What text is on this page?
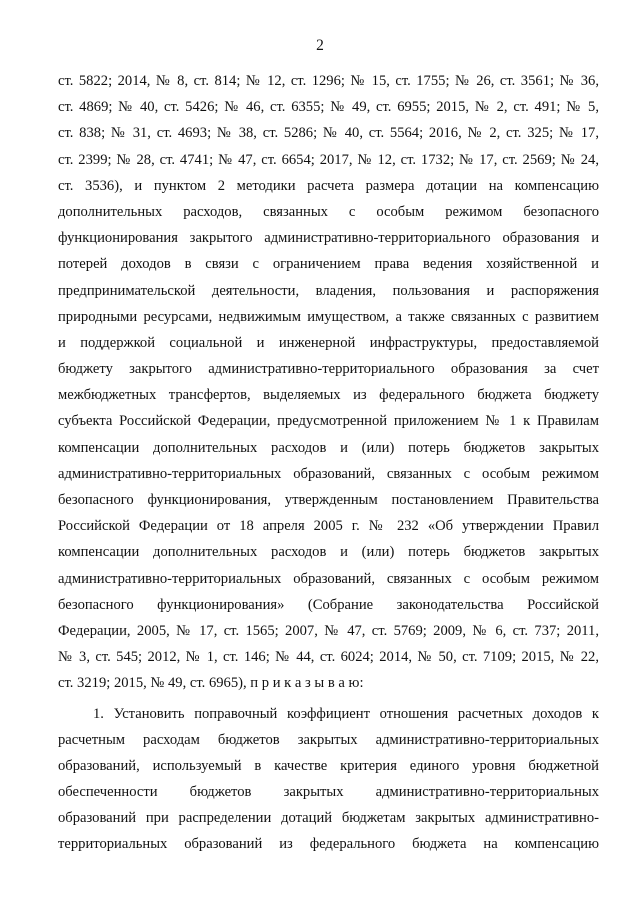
2
ст. 5822; 2014, № 8, ст. 814; № 12, ст. 1296; № 15, ст. 1755; № 26, ст. 3561; № 36,
ст. 4869; № 40, ст. 5426; № 46, ст. 6355; № 49, ст. 6955; 2015, № 2, ст. 491; № 5,
ст. 838; № 31, ст. 4693; № 38, ст. 5286; № 40, ст. 5564; 2016, № 2, ст. 325; № 17,
ст. 2399; № 28, ст. 4741; № 47, ст. 6654; 2017, № 12, ст. 1732; № 17, ст. 2569; № 24,
ст. 3536), и пунктом 2 методики расчета размера дотации на компенсацию
дополнительных расходов, связанных с особым режимом безопасного
функционирования закрытого административно-территориального образования и
потерей доходов в связи с ограничением права ведения хозяйственной и
предпринимательской деятельности, владения, пользования и распоряжения
природными ресурсами, недвижимым имуществом, а также связанных с развитием
и поддержкой социальной и инженерной инфраструктуры, предоставляемой
бюджету закрытого административно-территориального образования за счет
межбюджетных трансфертов, выделяемых из федерального бюджета бюджету
субъекта Российской Федерации, предусмотренной приложением № 1 к Правилам
компенсации дополнительных расходов и (или) потерь бюджетов закрытых
административно-территориальных образований, связанных с особым режимом
безопасного функционирования, утвержденным постановлением Правительства
Российской Федерации от 18 апреля 2005 г. № 232 «Об утверждении Правил
компенсации дополнительных расходов и (или) потерь бюджетов закрытых
административно-территориальных образований, связанных с особым режимом
безопасного функционирования» (Собрание законодательства Российской
Федерации, 2005, № 17, ст. 1565; 2007, № 47, ст. 5769; 2009, № 6, ст. 737; 2011,
№ 3, ст. 545; 2012, № 1, ст. 146; № 44, ст. 6024; 2014, № 50, ст. 7109; 2015, № 22,
ст. 3219; 2015, № 49, ст. 6965), п р и к а з ы в а ю:
1. Установить поправочный коэффициент отношения расчетных доходов к
расчетным расходам бюджетов закрытых административно-территориальных
образований, используемый в качестве критерия единого уровня бюджетной
обеспеченности бюджетов закрытых административно-территориальных
образований при распределении дотаций бюджетам закрытых административно-
территориальных образований из федерального бюджета на компенсацию
